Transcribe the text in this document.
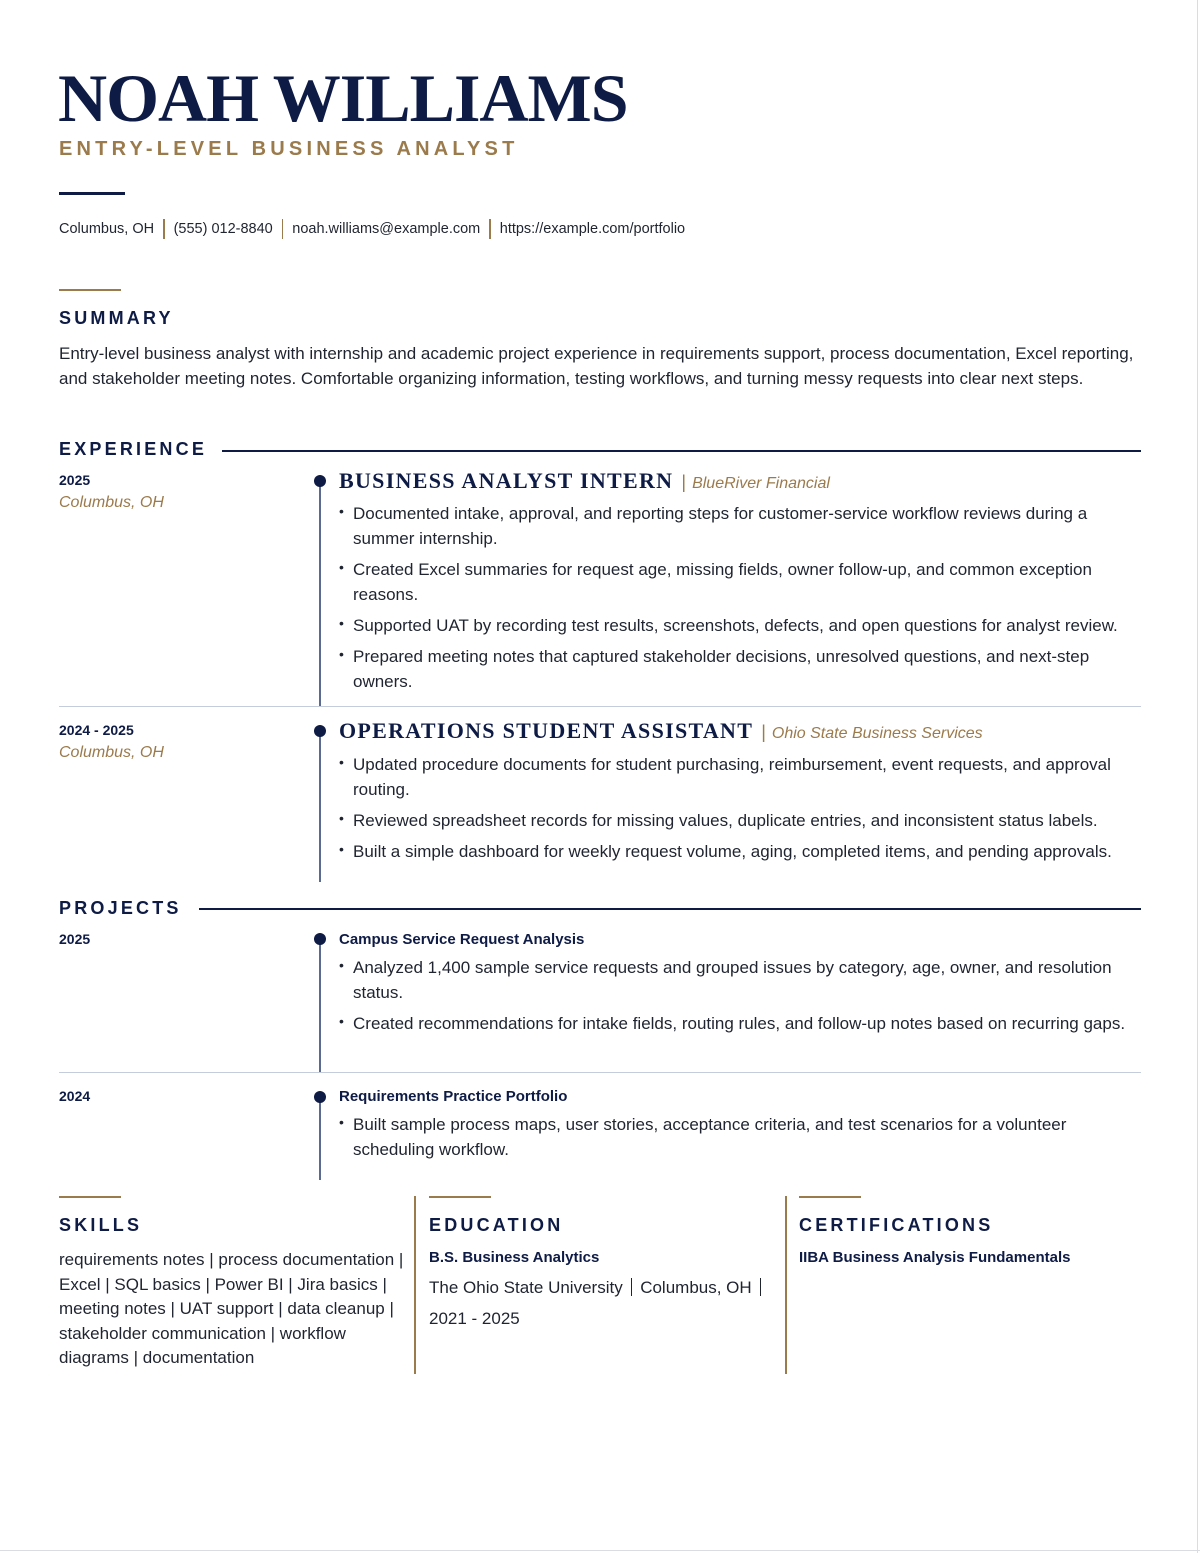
NOAH WILLIAMS
ENTRY-LEVEL BUSINESS ANALYST
Columbus, OH (555) 012-8840 noah.williams@example.com https://example.com/portfolio
SUMMARY
Entry-level business analyst with internship and academic project experience in requirements support, process documentation, Excel reporting, and stakeholder meeting notes. Comfortable organizing information, testing workflows, and turning messy requests into clear next steps.
EXPERIENCE
2025
Columbus, OH
BUSINESS ANALYST INTERN | BlueRiver Financial
• Documented intake, approval, and reporting steps for customer-service workflow reviews during a summer internship.
• Created Excel summaries for request age, missing fields, owner follow-up, and common exception reasons.
• Supported UAT by recording test results, screenshots, defects, and open questions for analyst review.
• Prepared meeting notes that captured stakeholder decisions, unresolved questions, and next-step owners.
2024 - 2025
Columbus, OH
OPERATIONS STUDENT ASSISTANT | Ohio State Business Services
• Updated procedure documents for student purchasing, reimbursement, event requests, and approval routing.
• Reviewed spreadsheet records for missing values, duplicate entries, and inconsistent status labels.
• Built a simple dashboard for weekly request volume, aging, completed items, and pending approvals.
PROJECTS
2025	Campus Service Request Analysis
• Analyzed 1,400 sample service requests and grouped issues by category, age, owner, and resolution status.
• Created recommendations for intake fields, routing rules, and follow-up notes based on recurring gaps.
2024	Requirements Practice Portfolio
• Built sample process maps, user stories, acceptance criteria, and test scenarios for a volunteer scheduling workflow.
SKILLS
requirements notes | process documentation | Excel | SQL basics | Power BI | Jira basics | meeting notes | UAT support | data cleanup | stakeholder communication | workflow diagrams | documentation
EDUCATION
B.S. Business Analytics
The Ohio State University Columbus, OH
2021 - 2025
CERTIFICATIONS
IIBA Business Analysis Fundamentals
